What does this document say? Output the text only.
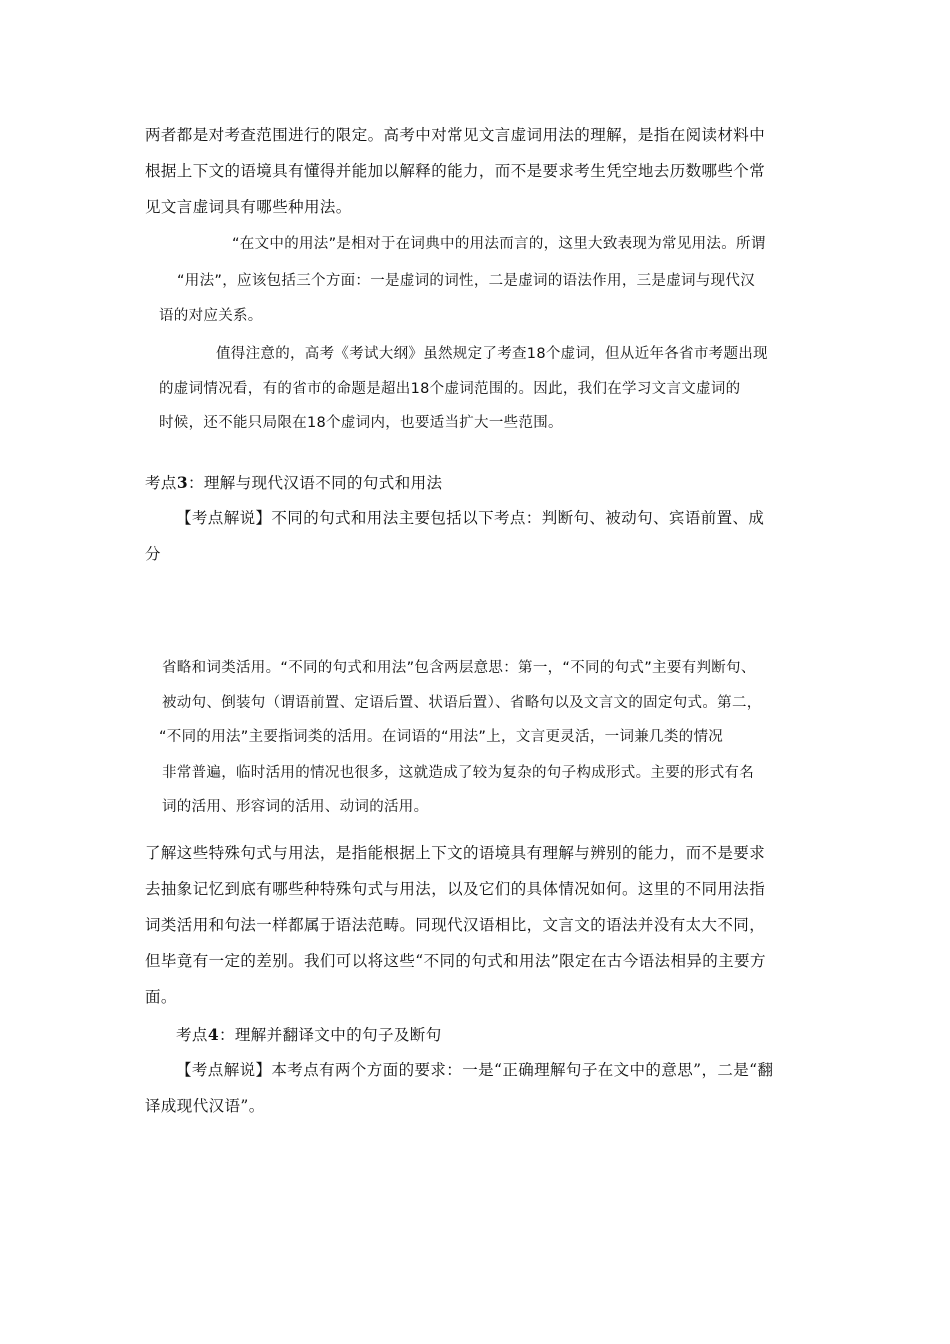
两者都是对考查范围进行的限定。高考中对常见文言虚词用法的理解，是指在阅读材料中
根据上下文的语境具有懂得并能加以解释的能力，而不是要求考生凭空地去历数哪些个常
见文言虚词具有哪些种用法。
“在文中的用法”是相对于在词典中的用法而言的，这里大致表现为常见用法。所谓
“用法”，应该包括三个方面：一是虚词的词性，二是虚词的语法作用，三是虚词与现代汉
语的对应关系。
值得注意的，高考《考试大纲》虽然规定了考查18个虚词，但从近年各省市考题出现
的虚词情况看，有的省市的命题是超出18个虚词范围的。因此，我们在学习文言文虚词的
时候，还不能只局限在18个虚词内，也要适当扩大一些范围。
考点3：理解与现代汉语不同的句式和用法
【考点解说】不同的句式和用法主要包括以下考点：判断句、被动句、宾语前置、成
分
省略和词类活用。“不同的句式和用法”包含两层意思：第一，“不同的句式”主要有判断句、
被动句、倒装句（谓语前置、定语后置、状语后置）、省略句以及文言文的固定句式。第二，
“不同的用法”主要指词类的活用。在词语的“用法”上，文言更灵活，一词兼几类的情况
非常普遍，临时活用的情况也很多，这就造成了较为复杂的句子构成形式。主要的形式有名
词的活用、形容词的活用、动词的活用。
了解这些特殊句式与用法，是指能根据上下文的语境具有理解与辨别的能力，而不是要求
去抽象记忆到底有哪些种特殊句式与用法，以及它们的具体情况如何。这里的不同用法指
词类活用和句法一样都属于语法范畴。同现代汉语相比，文言文的语法并没有太大不同，
但毕竟有一定的差别。我们可以将这些“不同的句式和用法”限定在古今语法相异的主要方
面。
考点4：理解并翻译文中的句子及断句
【考点解说】本考点有两个方面的要求：一是“正确理解句子在文中的意思”，二是“翻
译成现代汉语”。
